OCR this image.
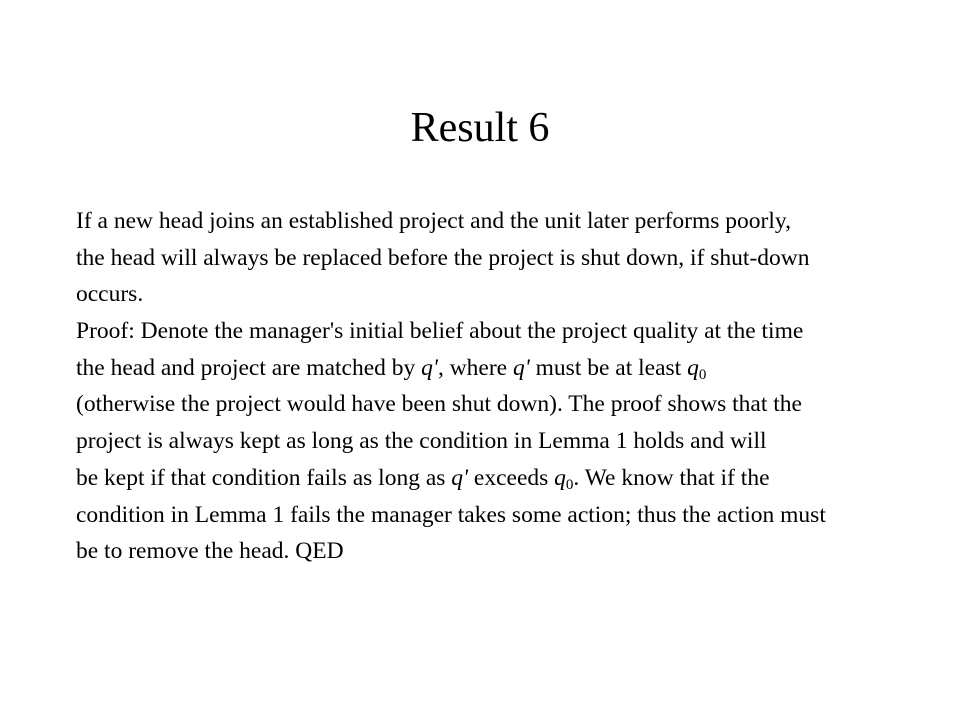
Result 6
If a new head joins an established project and the unit later performs poorly,
the head will always be replaced before the project is shut down, if shut-down
occurs.
Proof: Denote the manager's initial belief about the project quality at the time
the head and project are matched by q', where q' must be at least q0
(otherwise the project would have been shut down). The proof shows that the
project is always kept as long as the condition in Lemma 1 holds and will
be kept if that condition fails as long as q' exceeds q0. We know that if the
condition in Lemma 1 fails the manager takes some action; thus the action must
be to remove the head. QED
